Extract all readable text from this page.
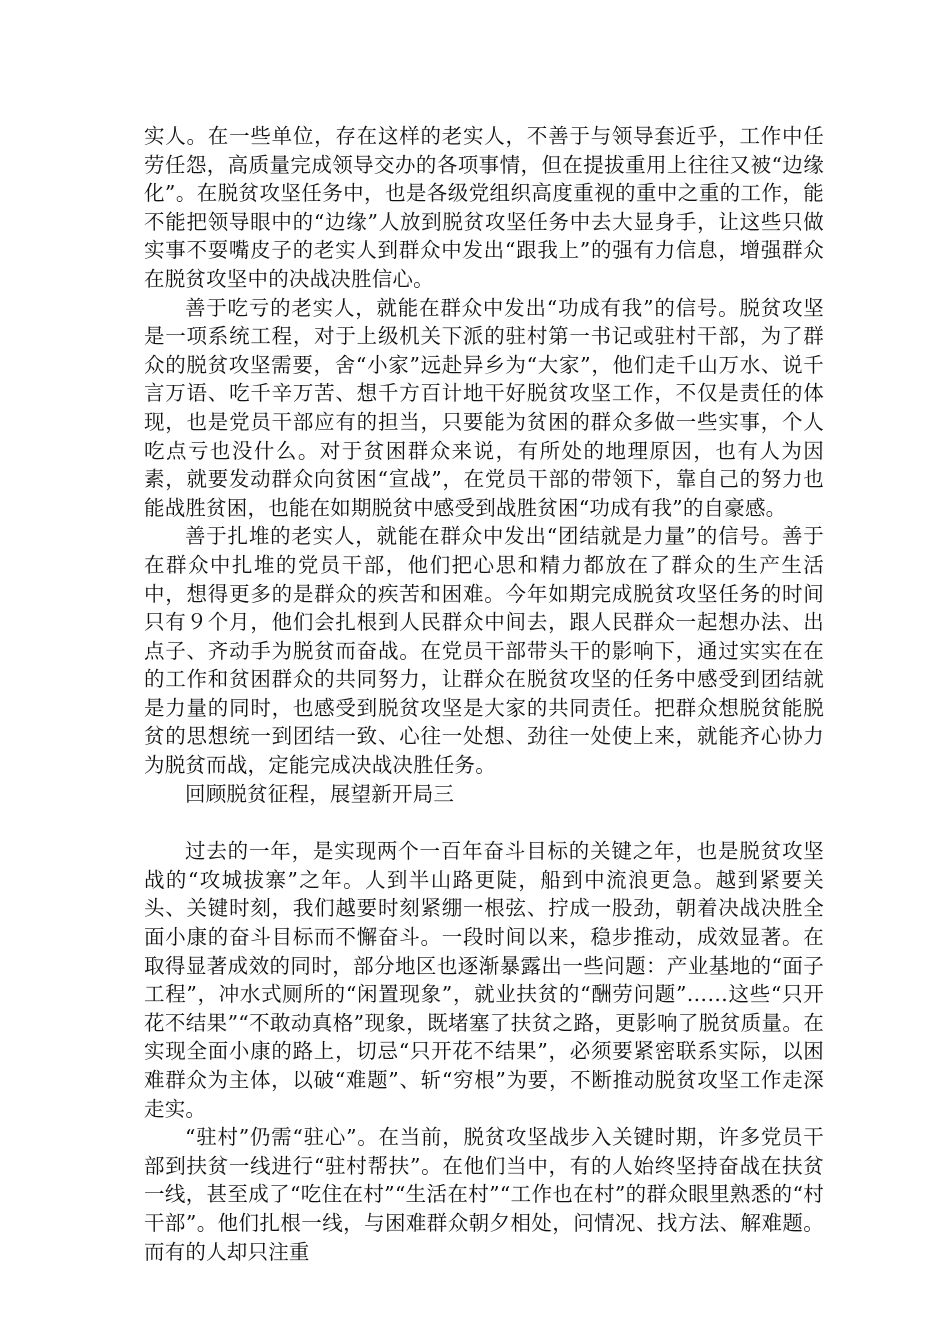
实人。在一些单位，存在这样的老实人，不善于与领导套近乎，工作中任劳任怨，高质量完成领导交办的各项事情，但在提拔重用上往往又被“边缘化”。在脱贫攻坚任务中，也是各级党组织高度重视的重中之重的工作，能不能把领导眼中的“边缘”人放到脱贫攻坚任务中去大显身手，让这些只做实事不耍嘴皮子的老实人到群众中发出“跟我上”的强有力信息，增强群众在脱贫攻坚中的决战决胜信心。

善于吃亏的老实人，就能在群众中发出“功成有我”的信号。脱贫攻坚是一项系统工程，对于上级机关下派的驻村第一书记或驻村干部，为了群众的脱贫攻坚需要，舍“小家”远赴异乡为“大家”，他们走千山万水、说千言万语、吃千辛万苦、想千方百计地干好脱贫攻坚工作，不仅是责任的体现，也是党员干部应有的担当，只要能为贫困的群众多做一些实事，个人吃点亏也没什么。对于贫困群众来说，有所处的地理原因，也有人为因素，就要发动群众向贫困“宣战”，在党员干部的带领下，靠自己的努力也能战胜贫困，也能在如期脱贫中感受到战胜贫困“功成有我”的自豪感。

善于扎堆的老实人，就能在群众中发出“团结就是力量”的信号。善于在群众中扎堆的党员干部，他们把心思和精力都放在了群众的生产生活中，想得更多的是群众的疾苦和困难。今年如期完成脱贫攻坚任务的时间只有９个月，他们会扎根到人民群众中间去，跟人民群众一起想办法、出点子、齐动手为脱贫而奋战。在党员干部带头干的影响下，通过实实在在的工作和贫困群众的共同努力，让群众在脱贫攻坚的任务中感受到团结就是力量的同时，也感受到脱贫攻坚是大家的共同责任。把群众想脱贫能脱贫的思想统一到团结一致、心往一处想、劲往一处使上来，就能齐心协力为脱贫而战，定能完成决战决胜任务。

回顾脱贫征程，展望新开局三

过去的一年，是实现两个一百年奋斗目标的关键之年，也是脱贫攻坚战的“攻城拔寨”之年。人到半山路更陡，船到中流浪更急。越到紧要关头、关键时刻，我们越要时刻紧绷一根弦、拧成一股劲，朝着决战决胜全面小康的奋斗目标而不懈奋斗。一段时间以来，稳步推动，成效显著。在取得显著成效的同时，部分地区也逐渐暴露出一些问题：产业基地的“面子工程”，冲水式厕所的“闲置现象”，就业扶贫的“酬劳问题”……这些“只开花不结果”“不敢动真格”现象，既堵塞了扶贫之路，更影响了脱贫质量。在实现全面小康的路上，切忌“只开花不结果”，必须要紧密联系实际，以困难群众为主体，以破“难题”、斩“穷根”为要，不断推动脱贫攻坚工作走深走实。

“驻村”仍需“驻心”。在当前，脱贫攻坚战步入关键时期，许多党员干部到扶贫一线进行“驻村帮扶”。在他们当中，有的人始终坚持奋战在扶贫一线，甚至成了“吃住在村”“生活在村”“工作也在村”的群众眼里熟悉的“村干部”。他们扎根一线，与困难群众朝夕相处，问情况、找方法、解难题。而有的人却只注重
